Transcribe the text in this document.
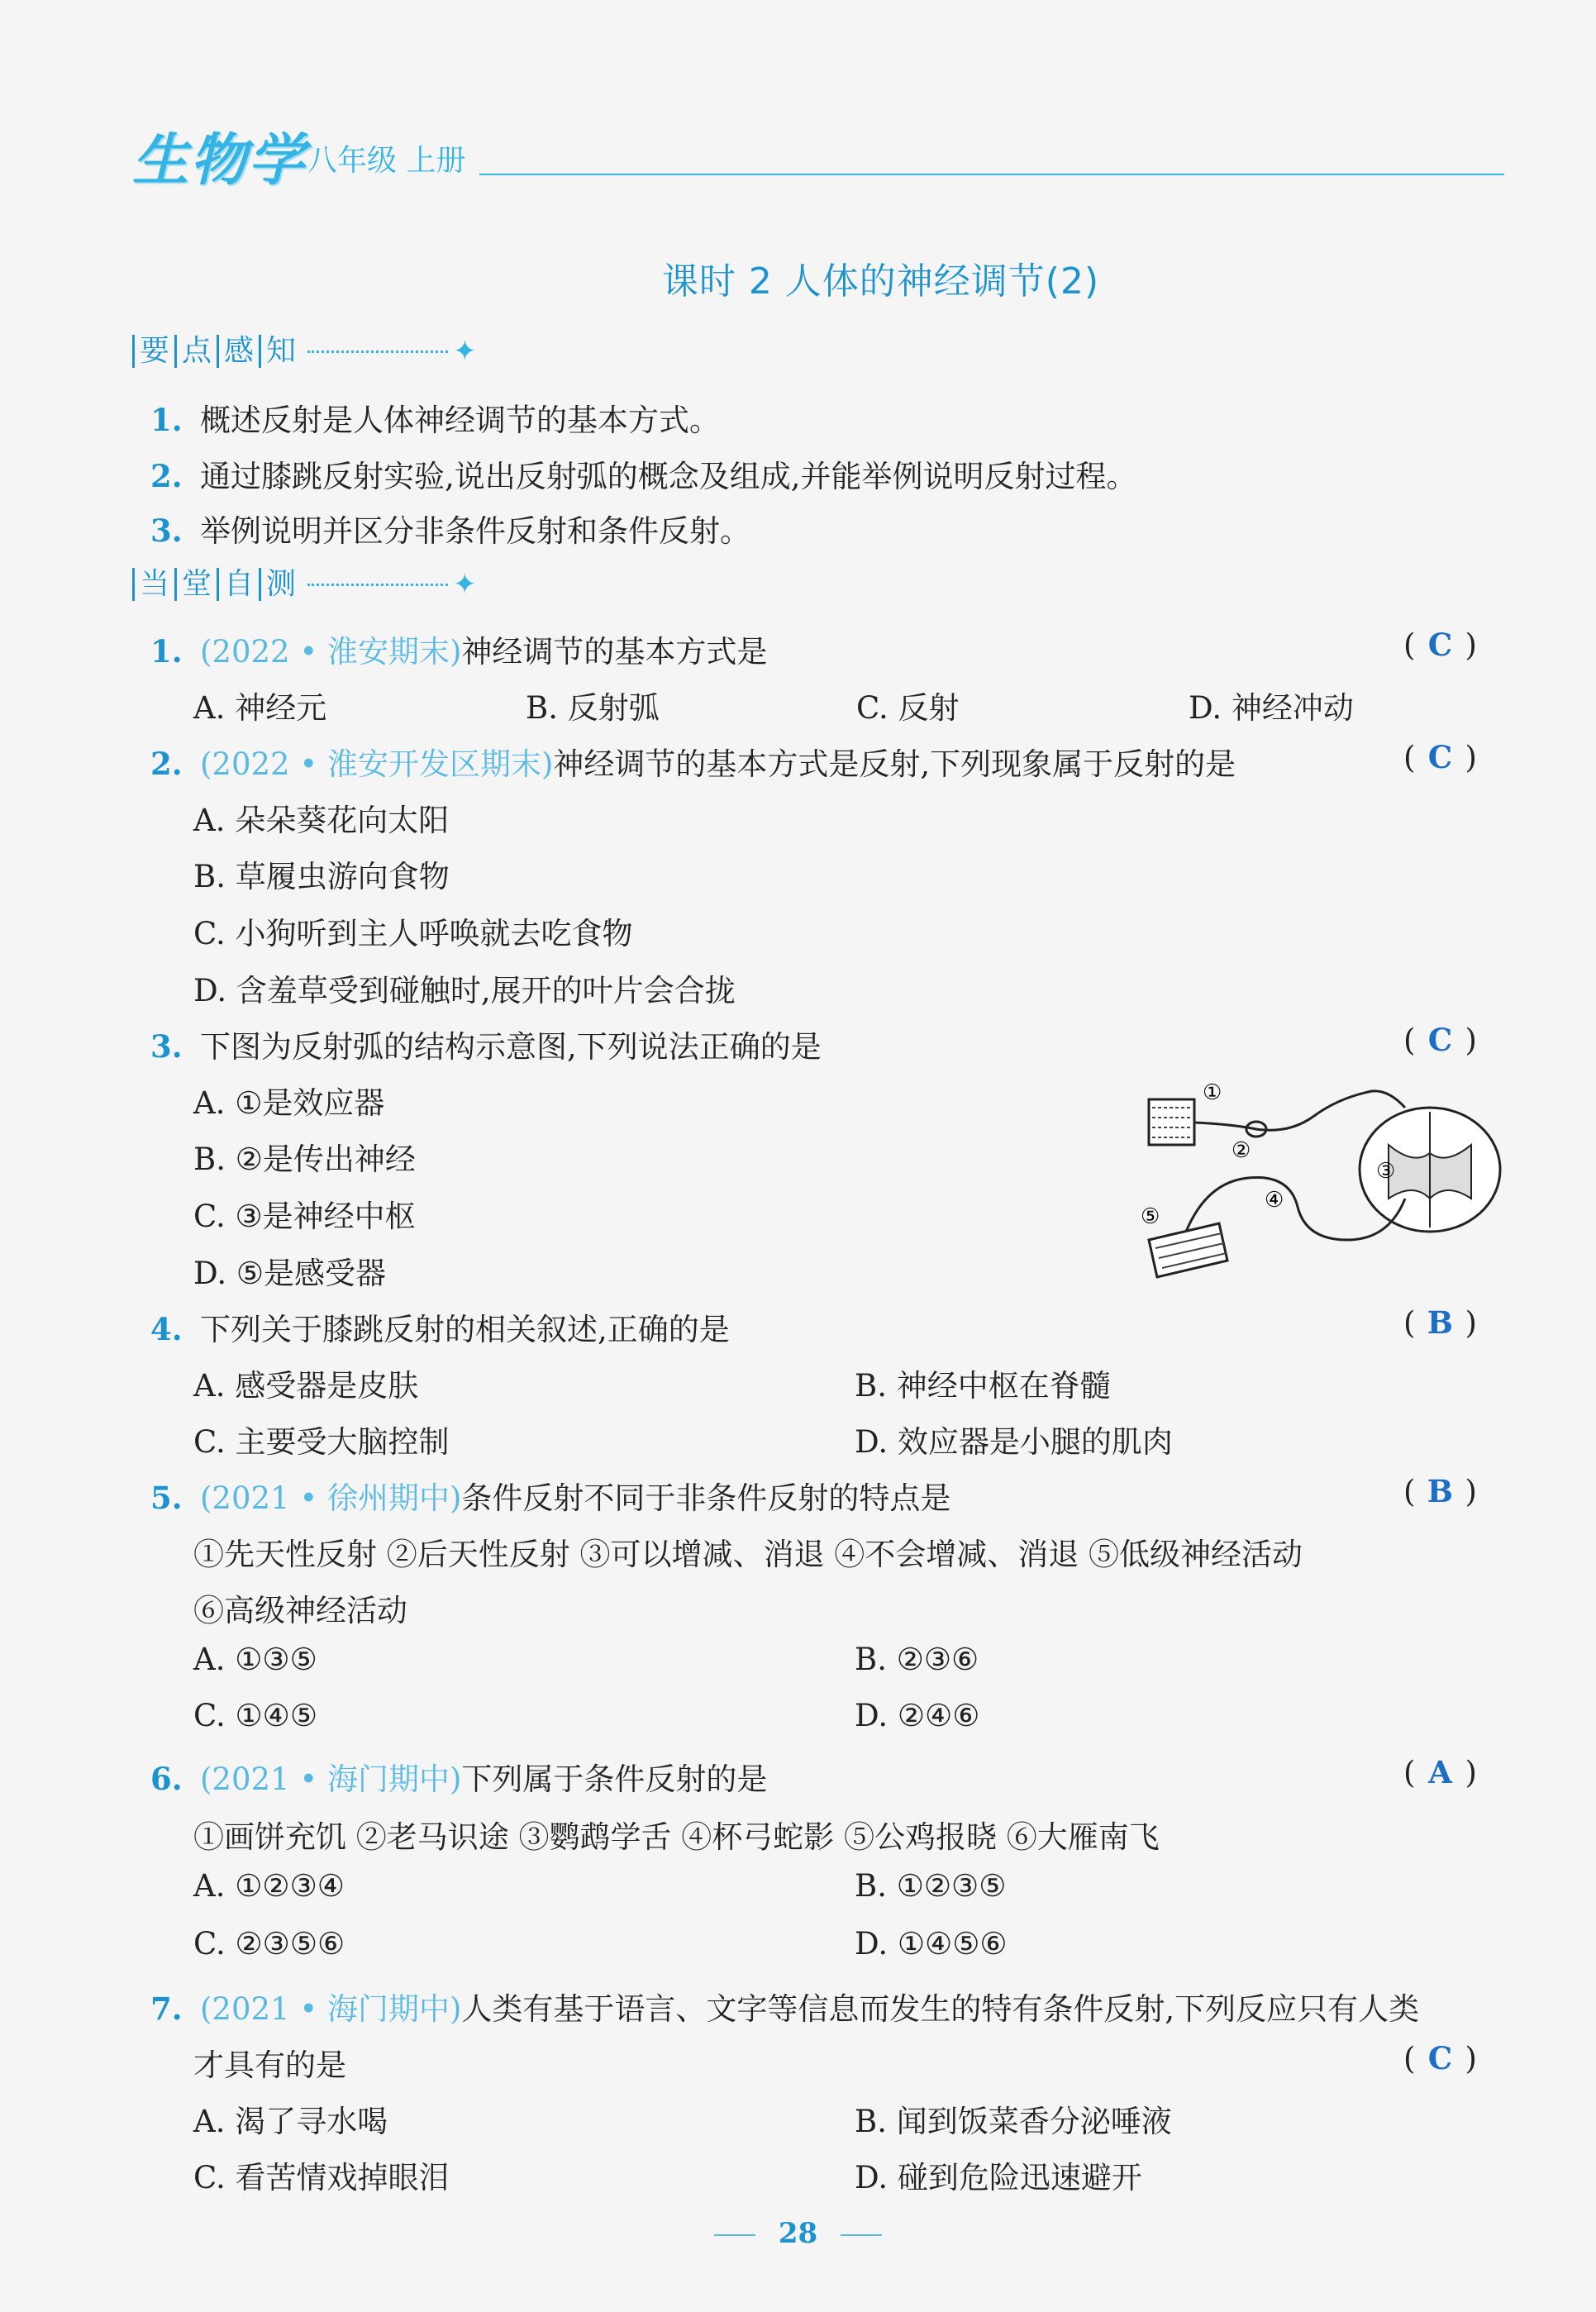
生物学 八年级 上册
课时 2 人体的神经调节(2)
要 点 感 知	✦
1. 概述反射是人体神经调节的基本方式。
2. 通过膝跳反射实验,说出反射弧的概念及组成,并能举例说明反射过程。
3. 举例说明并区分非条件反射和条件反射。
当 堂 自 测	✦
1. (2022 • 淮安期末)神经调节的基本方式是	( C )
A. 神经元	B. 反射弧	C. 反射	D. 神经冲动
2. (2022 • 淮安开发区期末)神经调节的基本方式是反射,下列现象属于反射的是	( C )
A. 朵朵葵花向太阳
B. 草履虫游向食物
C. 小狗听到主人呼唤就去吃食物
D. 含羞草受到碰触时,展开的叶片会合拢
3. 下图为反射弧的结构示意图,下列说法正确的是	( C )
A. ①是效应器
B. ②是传出神经
C. ③是神经中枢
D. ⑤是感受器
①
②
③
④
⑤
4. 下列关于膝跳反射的相关叙述,正确的是	( B )
A. 感受器是皮肤	B. 神经中枢在脊髓
C. 主要受大脑控制	D. 效应器是小腿的肌肉
5. (2021 • 徐州期中)条件反射不同于非条件反射的特点是	( B )
①先天性反射 ②后天性反射 ③可以增减、消退 ④不会增减、消退 ⑤低级神经活动
⑥高级神经活动
A. ①③⑤	B. ②③⑥
C. ①④⑤	D. ②④⑥
6. (2021 • 海门期中)下列属于条件反射的是	( A )
①画饼充饥 ②老马识途 ③鹦鹉学舌 ④杯弓蛇影 ⑤公鸡报晓 ⑥大雁南飞
A. ①②③④	B. ①②③⑤
C. ②③⑤⑥	D. ①④⑤⑥
7. (2021 • 海门期中)人类有基于语言、文字等信息而发生的特有条件反射,下列反应只有人类
才具有的是	( C )
A. 渴了寻水喝	B. 闻到饭菜香分泌唾液
C. 看苦情戏掉眼泪	D. 碰到危险迅速避开
28
